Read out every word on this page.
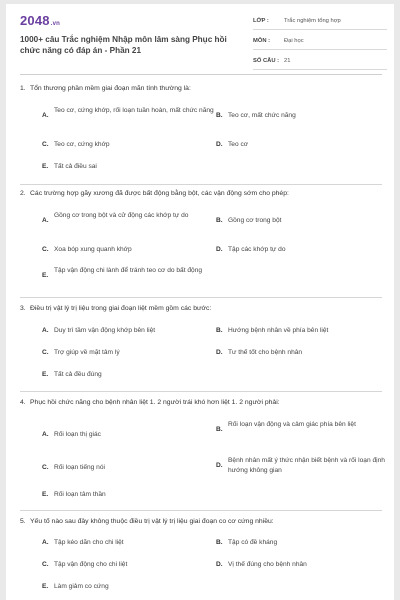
2048.vn
1000+ câu Trắc nghiệm Nhập môn lâm sàng Phục hồi chức năng có đáp án - Phần 21
LỚP :	Trắc nghiệm tổng hợp
MÔN : Đại học
SỐ CÂU : 21
1. Tổn thương phần mềm giai đoạn mãn tính thường là:
A.
Teo cơ, cứng khớp, rối loạn tuần hoàn, mất chức năng
B. Teo cơ, mất chức năng
C. Teo cơ, cứng khớp	D. Teo cơ
E. Tất cả điều sai
2. Các trường hợp gãy xương đã được bất động bằng bột, các vận động sớm cho phép:
A.
Gồng cơ trong bột và cử động các khớp tự do
B. Gồng cơ trong bột
C. Xoa bóp xung quanh khớp	D. Tập các khớp tự do
E.
Tập vận động chi lành để tránh teo cơ do bất động
3. Điều trị vật lý trị liệu trong giai đoạn liệt mềm gồm các bước:
A. Duy trì tầm vận động khớp bên liệt	B. Hướng bệnh nhân về phía bên liệt
C. Trợ giúp về mặt tâm lý	D. Tư thế tốt cho bệnh nhân
E. Tất cả đều đúng
4. Phục hồi chức năng cho bệnh nhân liệt 1. 2 người trái khó hơn liệt 1. 2 người phải:
A. Rối loạn thị giác
B.
Rối loạn vận động và cảm giác phía bên liệt
C. Rối loạn tiếng nói	D.
Bệnh nhân mất ý thức nhận biết bệnh và rối loạn định hướng không gian
E. Rối loạn tâm thần
5. Yếu tố nào sau đây không thuộc điều trị vật lý trị liệu giai đoạn co cơ cứng nhiều:
A. Tập kéo dãn cho chi liệt	B. Tập có đề kháng
C. Tập vận động cho chi liệt	D. Vị thế đúng cho bệnh nhân
E. Làm giảm co cứng
